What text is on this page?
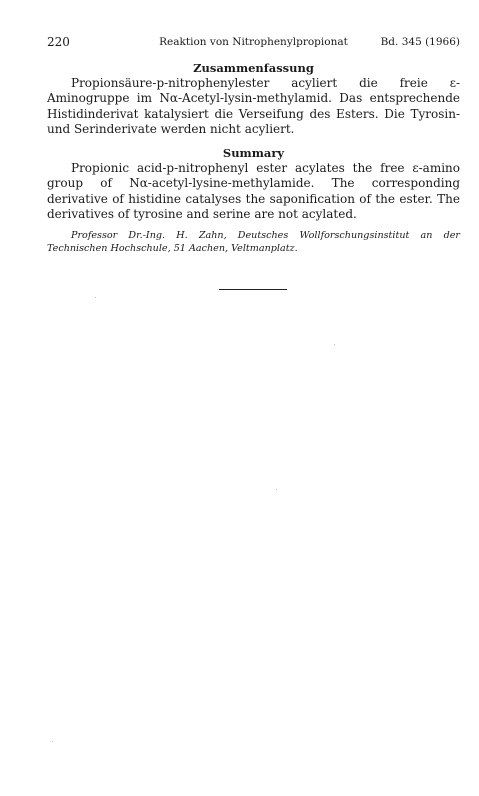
220	Reaktion von Nitrophenylpropionat	Bd. 345 (1966)
Zusammenfassung

Propionsäure-p-nitrophenylester acyliert die freie ε-Aminogruppe im Nα-Acetyl-lysin-methylamid. Das entsprechende Histidinderivat katalysiert die Verseifung des Esters. Die Tyrosin- und Serinderivate werden nicht acyliert.

Summary

Propionic acid-p-nitrophenyl ester acylates the free ε-amino group of Nα-acetyl-lysine-methylamide. The corresponding derivative of histidine catalyses the saponification of the ester. The derivatives of tyrosine and serine are not acylated.

Professor Dr.-Ing. H. Zahn, Deutsches Wollforschungsinstitut an der Technischen Hochschule, 51 Aachen, Veltmanplatz.
